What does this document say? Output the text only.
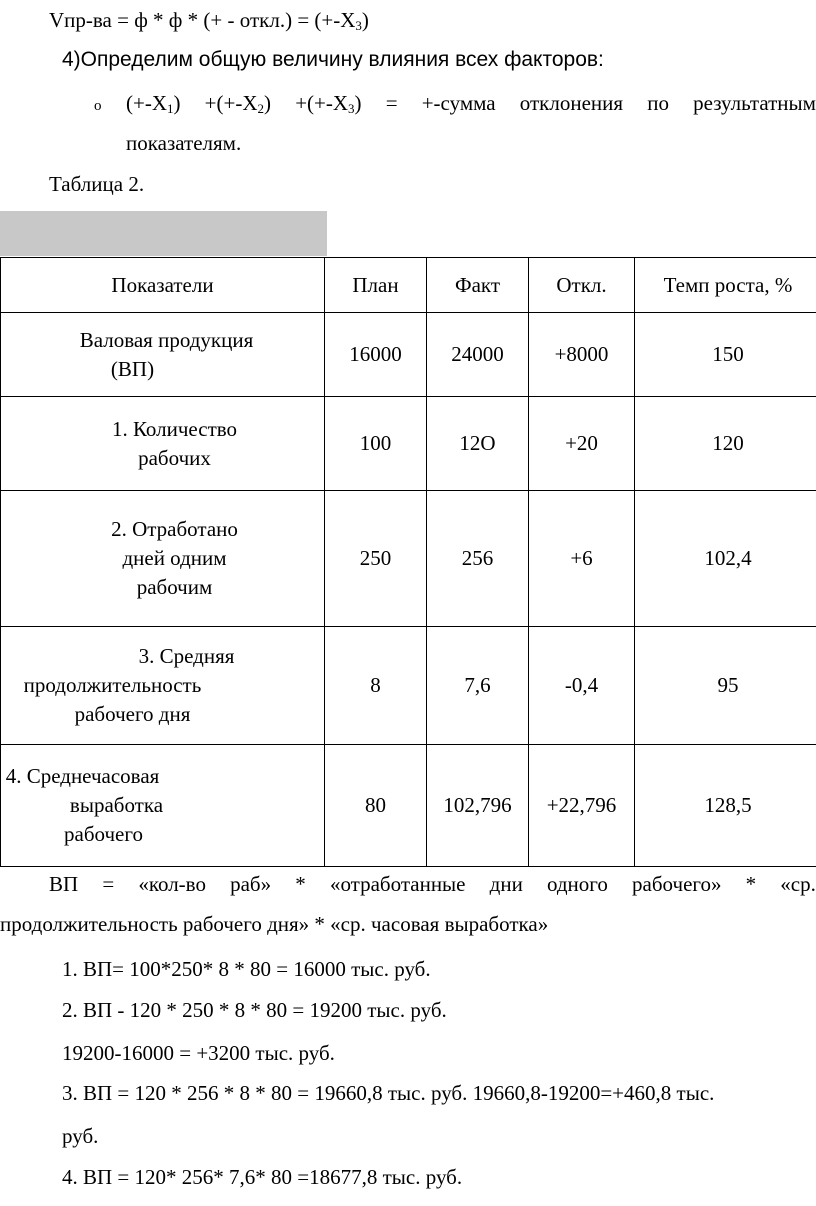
Vпр-ва = ф * ф * (+ - откл.) = $(+-Х_3)$
4)Определим общую величину влияния всех факторов:
o $(+-Х_1) +(+-Х_2) +(+-Х_3)$ = +-сумма отклонения по результатным
показателям.
Таблица 2.
Показатели	План	Факт	Откл.	Темп роста, %

Валовая продукция
(ВП)	16000	24000	+8000	150

1. Количество
рабочих	100	12О	+20	120

2. Отработано
дней одним
рабочим	250	256	+6	102,4

3. Средняя
продолжительность
рабочего дня	8	7,6	-0,4	95

4. Среднечасовая
выработка
рабочего	80	102,796	+22,796	128,5
ВП = «кол-во раб» * «отработанные дни одного рабочего» * «ср.
продолжительность рабочего дня» * «ср. часовая выработка»
1. ВП= 100*250* 8 * 80 = 16000 тыс. руб.
2. ВП - 120 * 250 * 8 * 80 = 19200 тыс. руб.
19200-16000 = +3200 тыс. руб.
3. ВП = 120 * 256 * 8 * 80 = 19660,8 тыс. руб. 19660,8-19200=+460,8 тыс.
руб.
4. ВП = 120* 256* 7,6* 80 =18677,8 тыс. руб.
